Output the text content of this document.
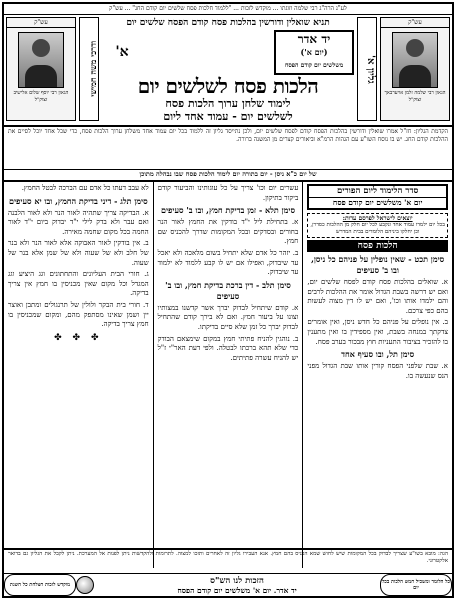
לע"נ הרה"ג רבי שלמה וזוגתו ... מוקדש לזכות ... "ללמוד חלכות פסח שלשים יום קודם החג" ... עש"ק
עש"ק
הגאון רבי שלמה זלמן אויערבאך זצוק"ל
גליון א'
תניא שואלין ודורשין בהלכות פסח קודם הפסח שלשים יום
יד אדר
(יום א')
משלשים יום קודם הפסח
א'
הלכות פסח לשלשים יום
לימוד שלחן ערוך הלכות פסח
לשלשים יום - עמוד אחד ליום
ודרכי משה חמישי
עש"ק
הגאון רבי יוסף שלום אלישיב זצוק"ל
הקדמת הגליון: חז"ל אמרו שואלין ודורשין בהלכות הפסח קודם לפסח שלשים יום, ולכן נתייסד גליון זה ללמוד בכל יום עמוד אחד משלחן ערוך הלכות פסח, כדי שכל אחד יוכל לסיים את ההלכות קודם החג. יש בו נוסח השו"ע עם הגהות הרמ"א וביאורים קצרים מן המשנה ברורה.
של יום כ"א ניסן - יום בתורה יום לימוד הלכות פסח שבו נבהלה מתוכן
סדר הלימוד ליום הפורים
יום א' משלשים יום קודם פסח
יוצאים לישראל לפרסם עדות:
בכל יום ילמדו עמוד אחד ונקבע לכל יום חלק מן ההלכות כסדרן, וכן יחלקו ביניהם הלומדים בבית המדרש
הלכות פסח
סימן תכט - שאין נופלין על פניהם כל ניסן, ובו ב' סעיפים

א. שואלים בהלכות פסח קודם לפסח שלשים יום, ואם יש דרשה בשבת הגדול אומר את ההלכות לרבים והם ילמדו אותו וכו', ואם יש לו דין מצוה לעשות בהם כפי צרכם.

ב. אין נופלים על פניהם כל חדש ניסן, ואין אומרים צדקתך במנחה בשבת, ואין מספידין בו ואין מתענין בו להזכיר בציבור התעניות חוץ מבכור בערב פסח.

סימן תל, ובו סעיף אחד

א. שבת שלפני הפסח קורין אותו שבת הגדול מפני הנס שנעשה בו.

עשרים יום וכו' צריך על כל עוגותינו והביעור קודם ביקור בתיקון.

סימן תלא - זמן בדיקת חמץ, ובו ב' סעיפים

א. בתחילת ליל י"ד בודקין את החמץ לאור הנר בחורים ובסדקים ובכל המקומות שדרך להכניס שם חמץ.

ב. יזהר כל אדם שלא יתחיל בשום מלאכה ולא יאכל עד שיבדוק, ואפילו אם יש לו קבע ללמוד לא ילמוד עד שיבדוק.

סימן תלב - דין ברכת בדיקת חמץ, ובו ב' סעיפים

א. קודם שיתחיל לבדוק יברך אשר קדשנו במצותיו וצונו על ביעור חמץ. ואם לא בירך קודם שהתחיל לבדוק יברך כל זמן שלא סיים בדיקתו.

ב. נוהגין להניח פתיתי חמץ במקום שימצאם הבודק כדי שלא תהא ברכתו לבטלה. ולפי דעת האר"י ז"ל יש להניח עשרה פתיתים.

לא עבב דעתו כל אדם עם הברכה לבטל החמץ.

סימן תלג - דיני בדיקת החמץ, ובו יא סעיפים

א. הבדיקה צריך שתהיה לאור הנר ולא לאור הלבנה ואם עבר ולא בדק לילי י"ד יבדוק ביום י"ד לאור החמה בכל מקום שחמה מאירה.

ב. אין בודקין לאור האבוקה אלא לאור הנר ולא בנר של חלב ולא של שעוה ולא של שמן אלא בנר של שעוה.

ג. חורי הבית העליונים והתחתונים וגג היציע וגג המגדל וכל מקום שאין מכניסין בו חמץ אין צריך בדיקה.

ד. חורי בית הבקר ולולין של תרנגולים ומתבן ואוצר יין ושמן שאינו מסתפק מהם, ומקום שמכניסין בו חמץ צריך בדיקה.

✤ ✤ ✤
הגה: מובא בשו"ע שצריך לבדוק בכל המקומות שיש לחוש שמא הכניס בהם חמץ. אנא העבירו גליון זה לאחרים ותזכו למצוה. לתרומות ולהקדשות ניתן לפנות אל המערכת. ניתן לקבל את הגליון גם בדואר אלקטרוני.
כל הלומד ומשכיל חמש הלכות בכל יום
הזכות לנו הש"ס
יד אדר. יום א' משלשים יום קודם הפסח
מוקדש לזכות חצלחת כל השגת
